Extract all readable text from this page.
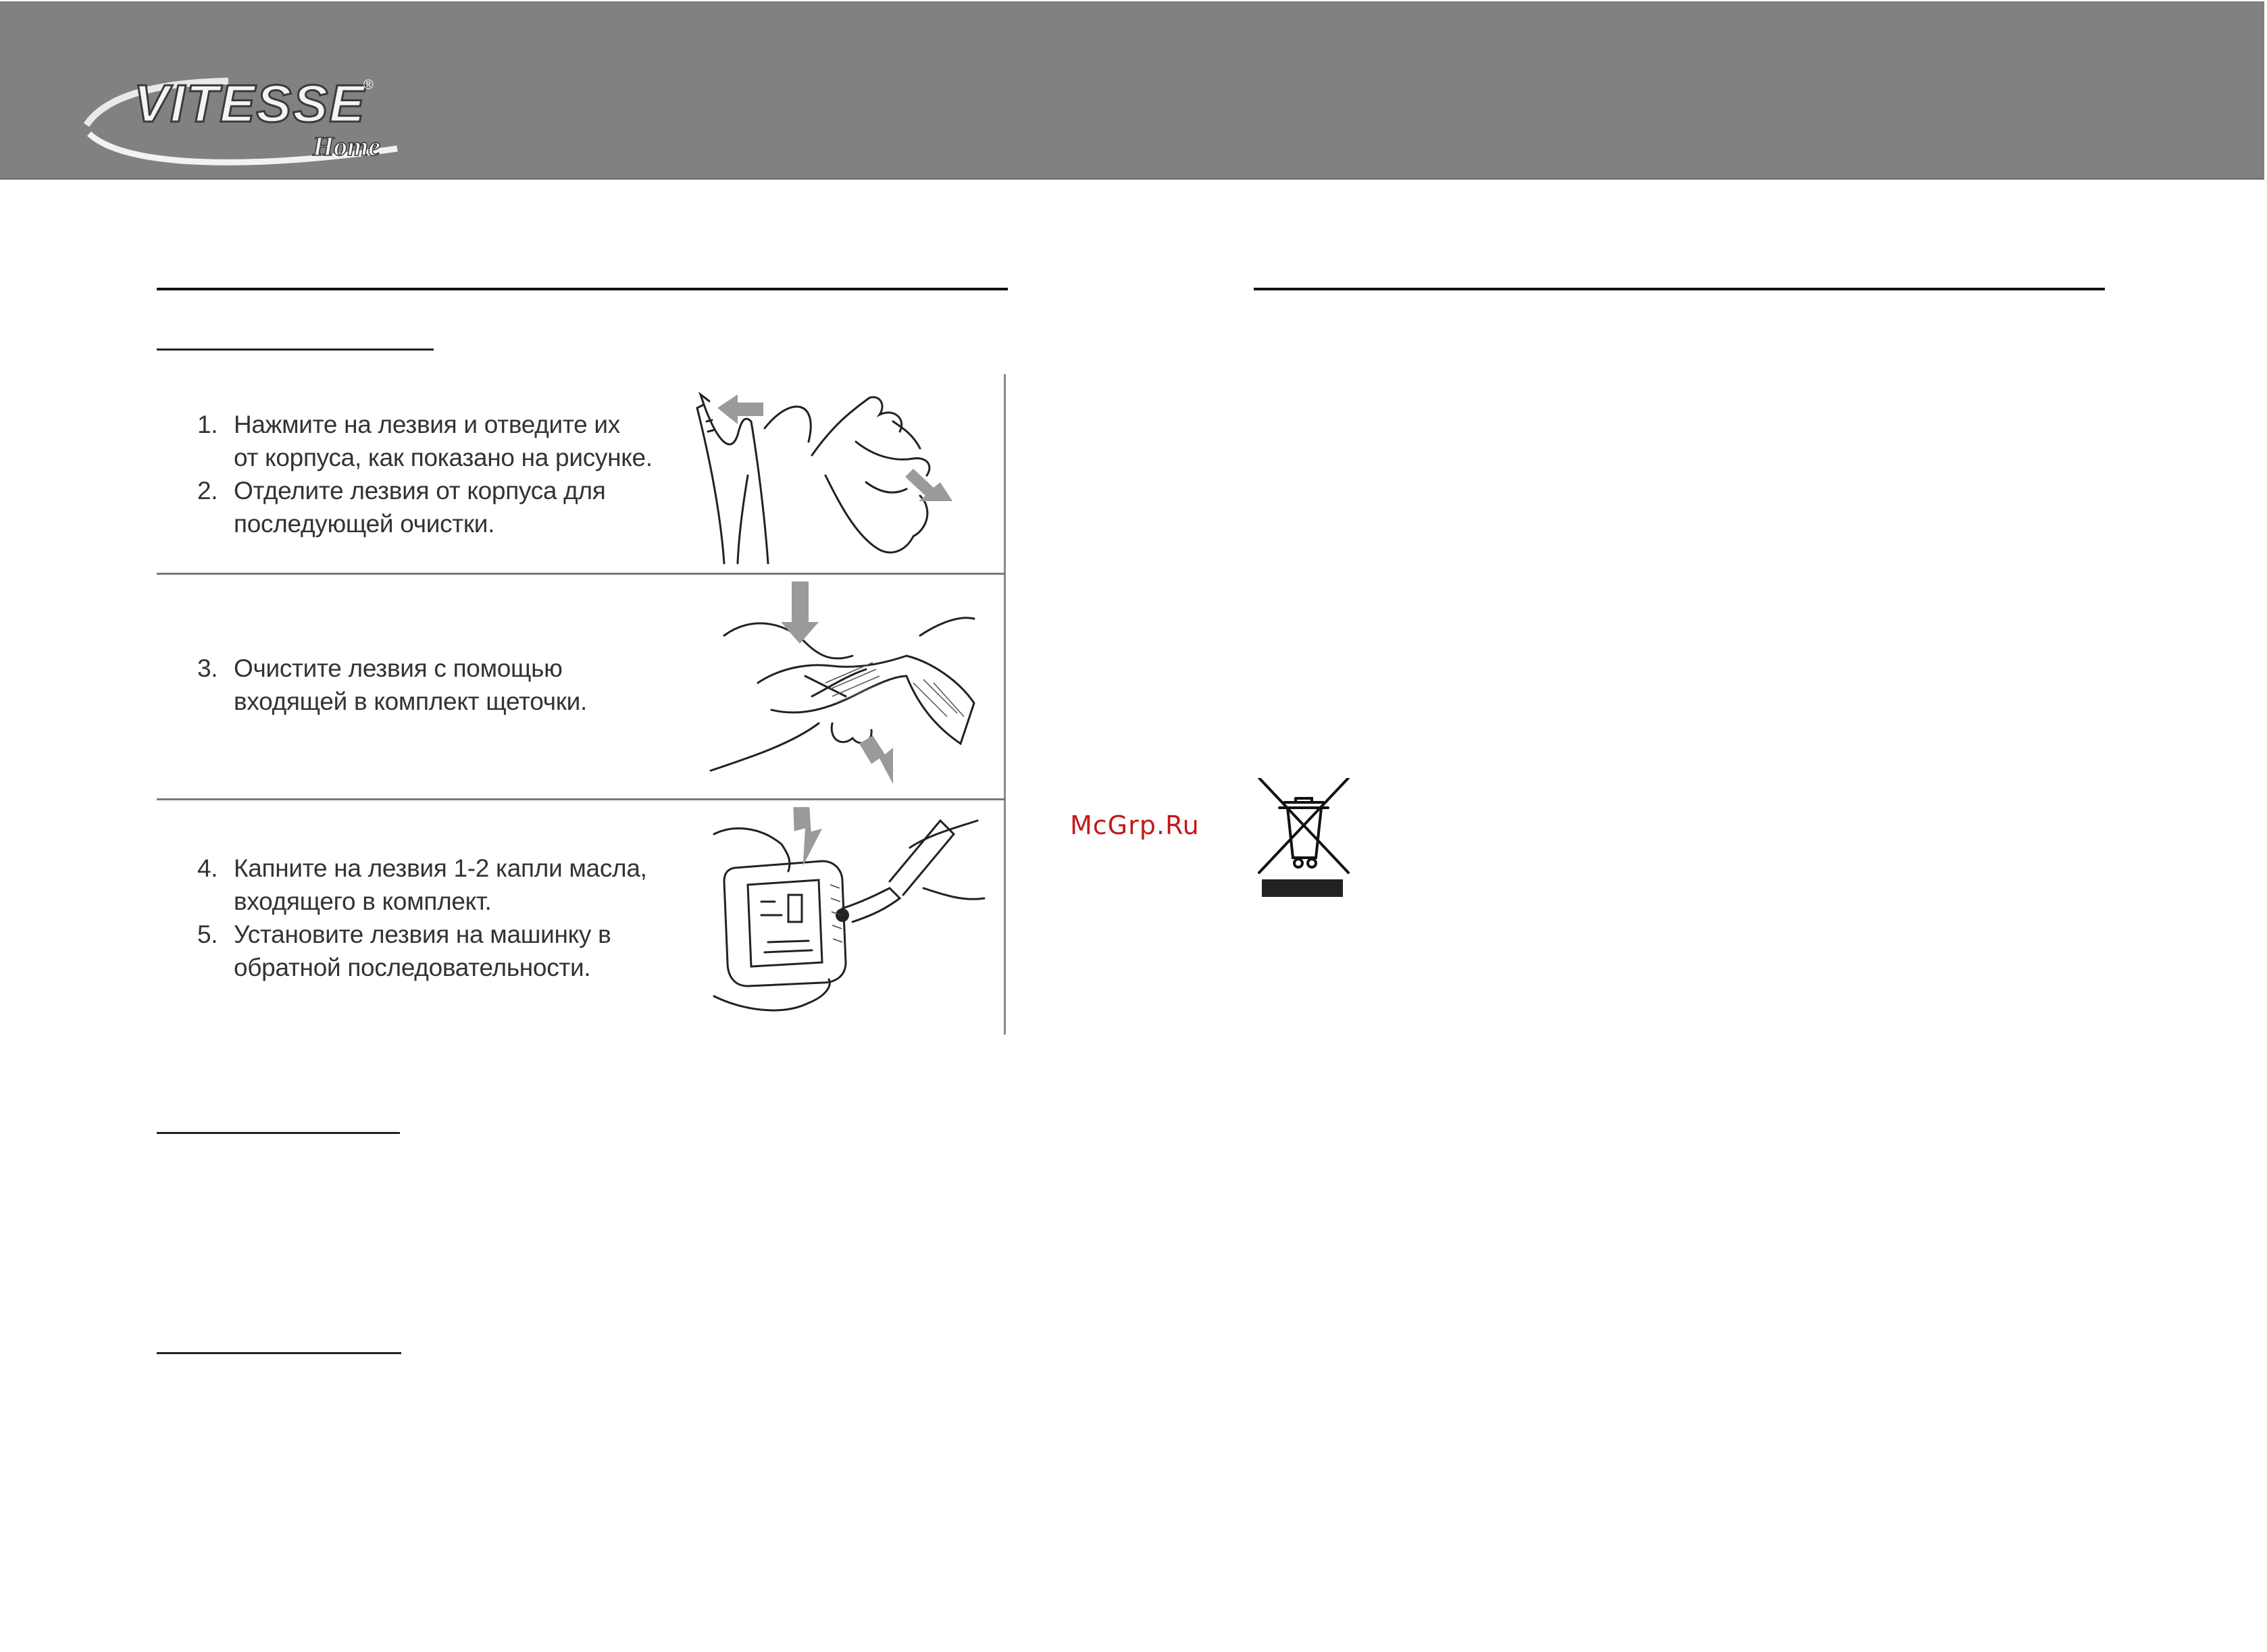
VITESSE
®
Home
1. Нажмите на лезвия и отведите их
от корпуса, как показано на рисунке.
2. Отделите лезвия от корпуса для
последующей очистки.
3. Очистите лезвия с помощью
входящей в комплект щеточки.
4. Капните на лезвия 1-2 капли масла,
входящего в комплект.
5. Установите лезвия на машинку в
обратной последовательности.
McGrp.Ru
